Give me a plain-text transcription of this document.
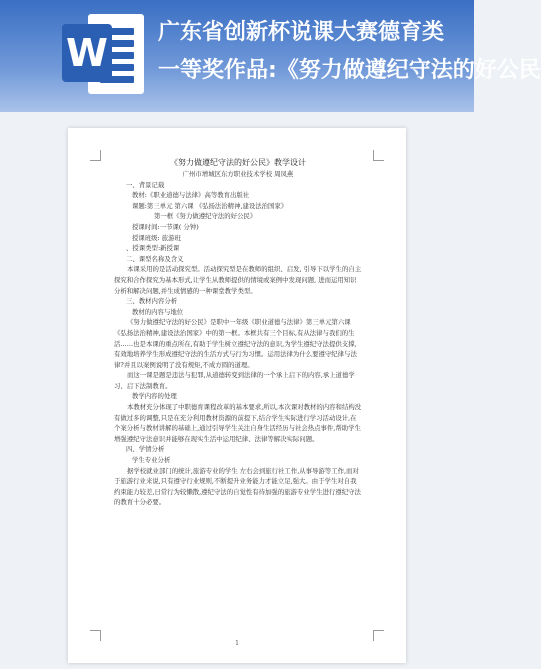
W 广东省创新杯说课大赛德育类
一等奖作品:《努力做遵纪守法的好公民

《努力做遵纪守法的好公民》教学设计

广州市增城区东方职业技术学校 周凤燕

一、背景记载

教材:《职业道德与法律》高等教育出版社

课题:第三单元 第六课 《弘扬法治精神,建设法治国家》

第一框《努力做遵纪守法的好公民》

授课时间:一节课( 分钟)

授课班级: 旅游班

、授课类型:新授课

二、课型名称及含义

本课采用的是活动探究型。活动探究型是在教师的组织、启发, 引导下以学生的自主探究和合作探究为基本形式,让学生从教师提供的情境或案例中发现问题, 进而运用知识分析和解决问题,并生成情感的一种课堂教学类型。

三、教材内容分析

教材的内容与地位

《努力做遵纪守法的好公民》是职中一年级《职业道德与法律》第三单元第六课《弘扬法治精神,建设法治国家》中的第一框。本框共有三个目标,有从法律与我们的生活……也是本课的重点所在,有助于学生树立遵纪守法的意识,为学生遵纪守法提供支撑,有效地培养学生形成遵纪守法的生活方式与行为习惯。运用法律为什么要遵守纪律与法律?并且以案例说明了没有规矩,不成方圆的道理。

而这一课是题是违法与犯罪,从道德转变到法律的一个承上启下的内容,承上道德学习、启下法制教育。

教学内容的处理

本教材充分体现了中职德育课程改革的基本要求,所以,本次课对教材的内容和结构没有做过多的调整,只是在充分利用教材资源的前提下,结合学生实际进行学习活动设计,在个案分析与教材讲解的基础上,通过引导学生关注自身生活经历与社会热点事件,帮助学生增强遵纪守法意识并能够在现实生活中运用纪律、法律等解决实际问题。

四、学情分析

学生专业分析

据学校就业部门的统计,旅游专业的学生 左右会到旅行社工作,从事导游等工作,而对于旅游行业来说,只有遵守行业规则,不断提升业务能力才能立足,强大。由于学生对自我约束能力较差,日常行为较懒散,遵纪守法的自觉性有待加强的旅游专业学生进行遵纪守法的教育十分必要。

1
